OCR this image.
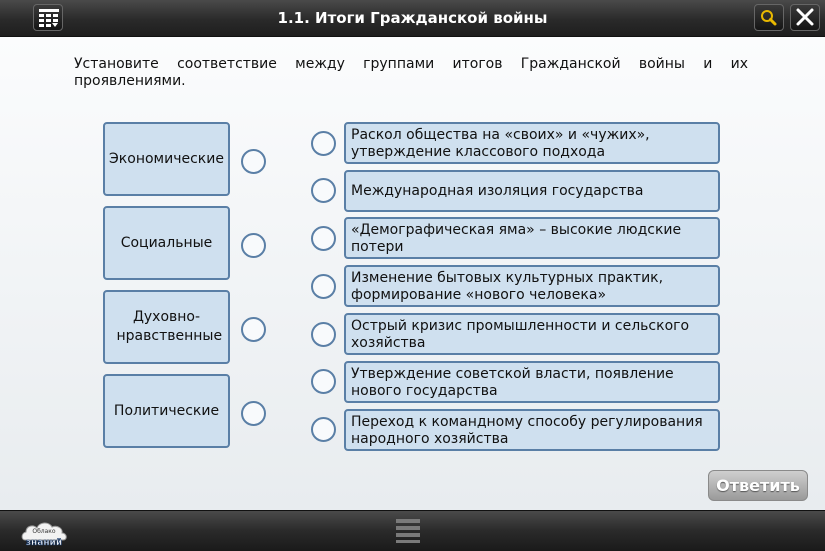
1.1. Итоги Гражданской войны
Установите соответствие между группами итогов Гражданской войны и их проявлениями.
Экономические
Социальные
Духовно-нравственные
Политические
Раскол общества на «своих» и «чужих», утверждение классового подхода
Международная изоляция государства
«Демографическая яма» – высокие людские потери
Изменение бытовых культурных практик, формирование «нового человека»
Острый кризис промышленности и сельского хозяйства
Утверждение советской власти, появление нового государства
Переход к командному способу регулирования народного хозяйства
Ответить
Облако
знаний
